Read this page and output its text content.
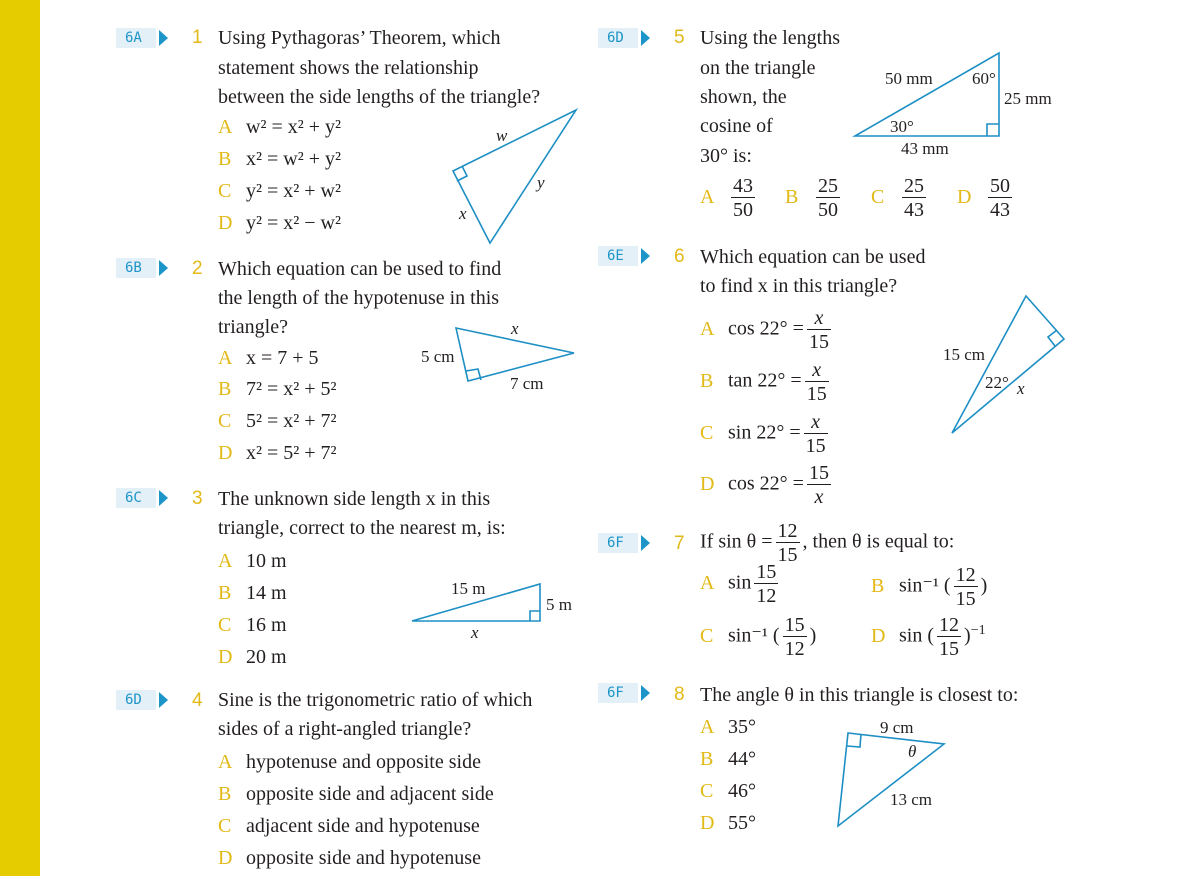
6A	1 Using Pythagoras’ Theorem, which
statement shows the relationship
between the side lengths of the triangle?
A w² = x² + y²
B x² = w² + y²
C y² = x² + w²
D y² = x² − w²
6B	2 Which equation can be used to find
the length of the hypotenuse in this
triangle?
A x = 7 + 5
B 7² = x² + 5²
C 5² = x² + 7²
D x² = 5² + 7²
6C	3 The unknown side length x in this
triangle, correct to the nearest m, is:
A 10 m
B 14 m
C 16 m
D 20 m
6D	4 Sine is the trigonometric ratio of which
sides of a right-angled triangle?
A hypotenuse and opposite side
B opposite side and adjacent side
C adjacent side and hypotenuse
D opposite side and hypotenuse
6D	5 Using the lengths
on the triangle
shown, the
cosine of
30° is:
A $\frac{43}{50}$ B $\frac{25}{50}$ C $\frac{25}{43}$ D $\frac{50}{43}$
6E	6 Which equation can be used
to find x in this triangle?
A $\cos 22^\circ = \frac{x}{15}$
B $\tan 22^\circ = \frac{x}{15}$
C $\sin 22^\circ = \frac{x}{15}$
D $\cos 22^\circ = \frac{15}{x}$
6F	7 If $\sin \theta = \frac{12}{15}$ , then θ is equal to:
A $\sin \frac{15}{12}$	B sin⁻¹ ( $\frac{12}{15}$ )
C sin⁻¹ ( $\frac{15}{12}$ )	D sin ( $\frac{12}{15} )^{-1}$
6F	8 The angle θ in this triangle is closest to:
A 35°
B 44°
C 46°
D 55°
w
y
x
x
5 cm
7 cm
15 m
5 m
x
50 mm 60°
25 mm
30°
43 mm
15 cm
22° x
9 cm
θ
13 cm
